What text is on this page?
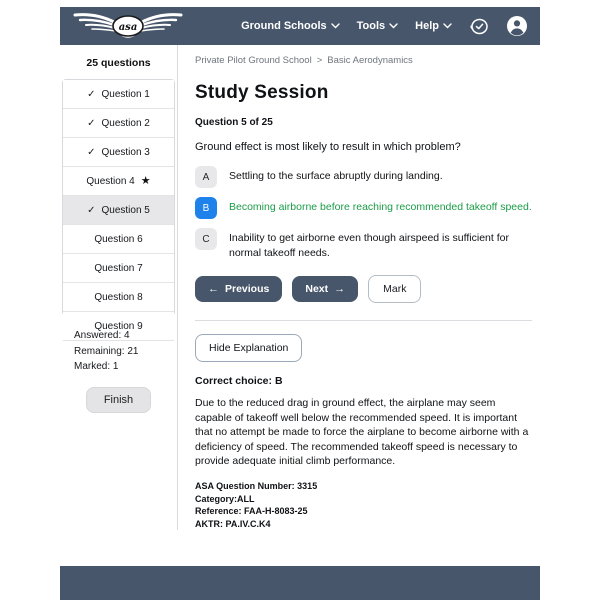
asa	Ground Schools	Tools	Help
25 questions
✓ Question 1
✓ Question 2
✓ Question 3
Question 4 ★
✓ Question 5
Question 6
Question 7
Question 8
Question 9
Answered: 4
Remaining: 21
Marked: 1
Finish
Private Pilot Ground School > Basic Aerodynamics
Study Session
Question 5 of 25
Ground effect is most likely to result in which problem?
A	Settling to the surface abruptly during landing.
B	Becoming airborne before reaching recommended takeoff speed.
C	Inability to get airborne even though airspeed is sufficient for normal takeoff needs.
← Previous	Next →	Mark
Hide Explanation
Correct choice: B
Due to the reduced drag in ground effect, the airplane may seem capable of takeoff well below the recommended speed. It is important that no attempt be made to force the airplane to become airborne with a deficiency of speed. The recommended takeoff speed is necessary to provide adequate initial climb performance.
ASA Question Number: 3315
Category:ALL
Reference: FAA-H-8083-25
AKTR: PA.IV.C.K4
